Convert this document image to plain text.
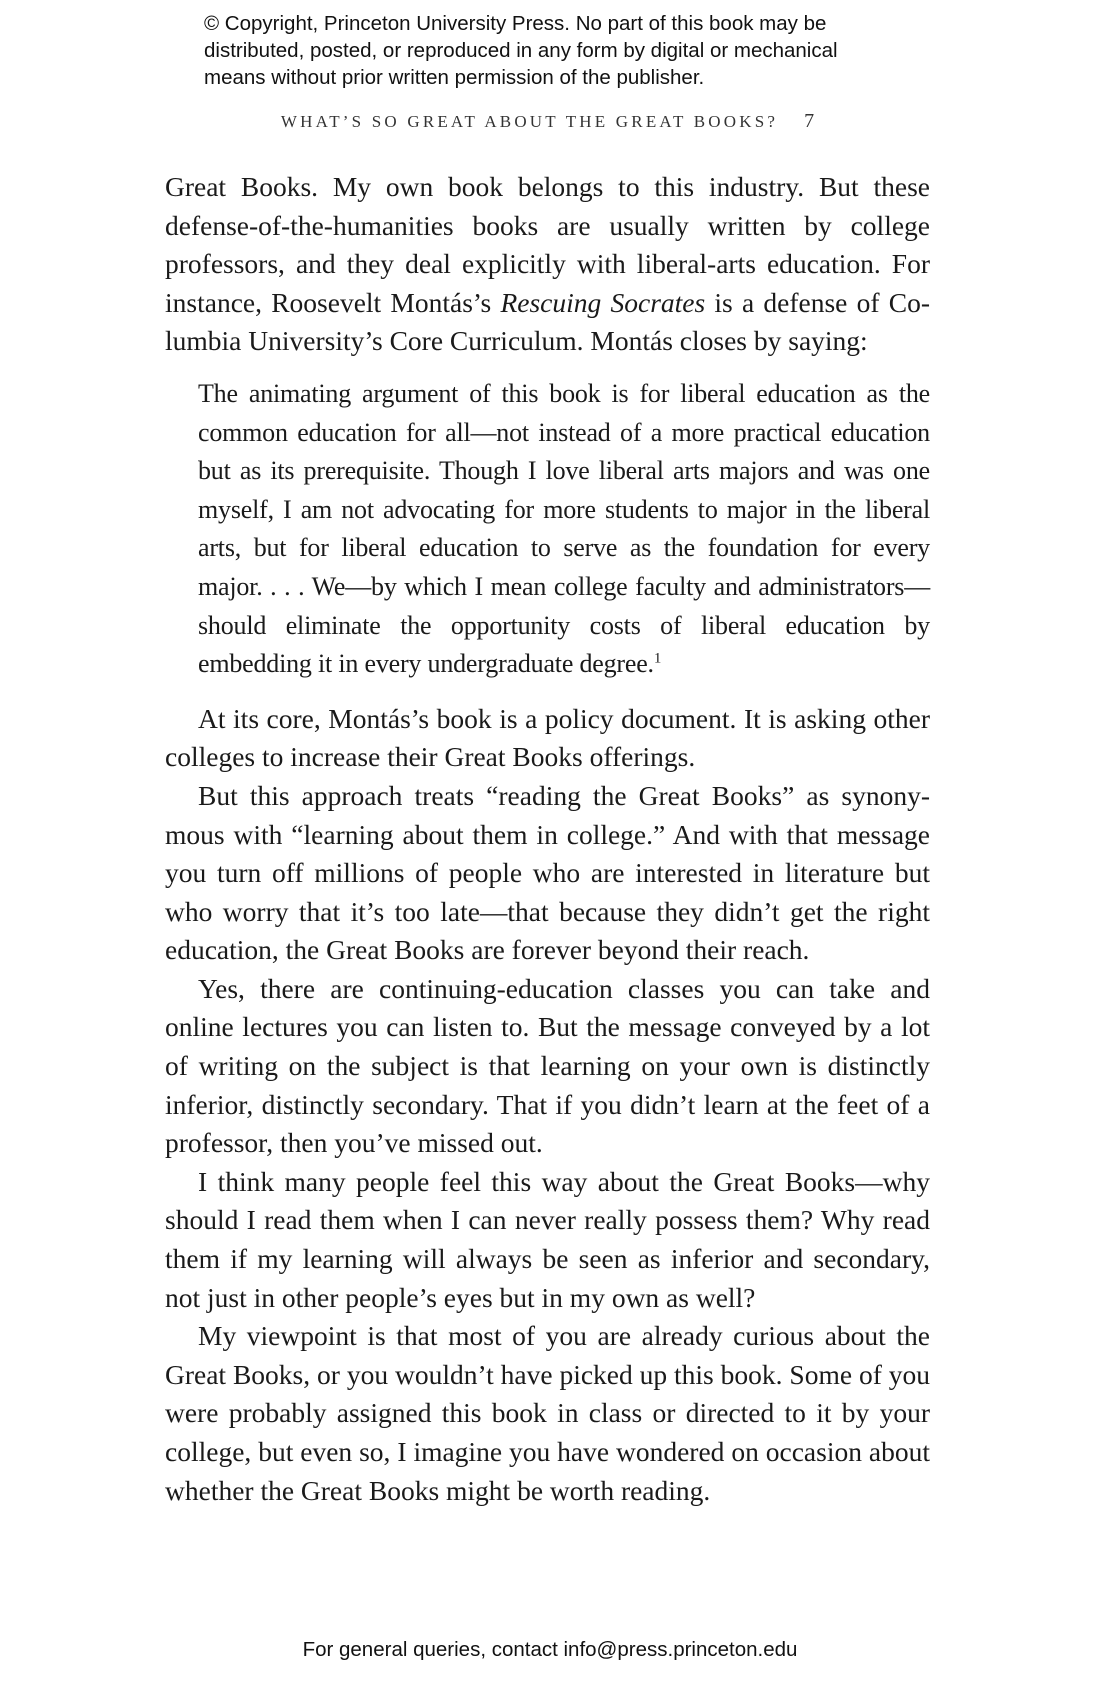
© Copyright, Princeton University Press. No part of this book may be
distributed, posted, or reproduced in any form by digital or mechanical
means without prior written permission of the publisher.
WHAT’S SO GREAT ABOUT THE GREAT BOOKS? 7

Great Books. My own book belongs to this industry. But these defense-of-the-humanities books are usually written by college professors, and they deal explicitly with liberal-arts education. For instance, Roosevelt Montás’s Rescuing Socrates is a defense of Columbia University’s Core Curriculum. Montás closes by saying:

The animating argument of this book is for liberal education as the common education for all—not instead of a more practical education but as its prerequisite. Though I love liberal arts majors and was one myself, I am not advocating for more students to major in the liberal arts, but for liberal education to serve as the foundation for every major. . . . We—by which I mean college faculty and administrators—should eliminate the opportunity costs of liberal education by embedding it in every undergraduate degree.$^1$

At its core, Montás’s book is a policy document. It is asking other colleges to increase their Great Books offerings.

But this approach treats “reading the Great Books” as synonymous with “learning about them in college.” And with that message you turn off millions of people who are interested in literature but who worry that it’s too late—that because they didn’t get the right education, the Great Books are forever beyond their reach.

Yes, there are continuing-education classes you can take and online lectures you can listen to. But the message conveyed by a lot of writing on the subject is that learning on your own is distinctly inferior, distinctly secondary. That if you didn’t learn at the feet of a professor, then you’ve missed out.

I think many people feel this way about the Great Books—why should I read them when I can never really possess them? Why read them if my learning will always be seen as inferior and secondary, not just in other people’s eyes but in my own as well?

My viewpoint is that most of you are already curious about the Great Books, or you wouldn’t have picked up this book. Some of you were probably assigned this book in class or directed to it by your college, but even so, I imagine you have wondered on occasion about whether the Great Books might be worth reading.

For general queries, contact info@press.princeton.edu
